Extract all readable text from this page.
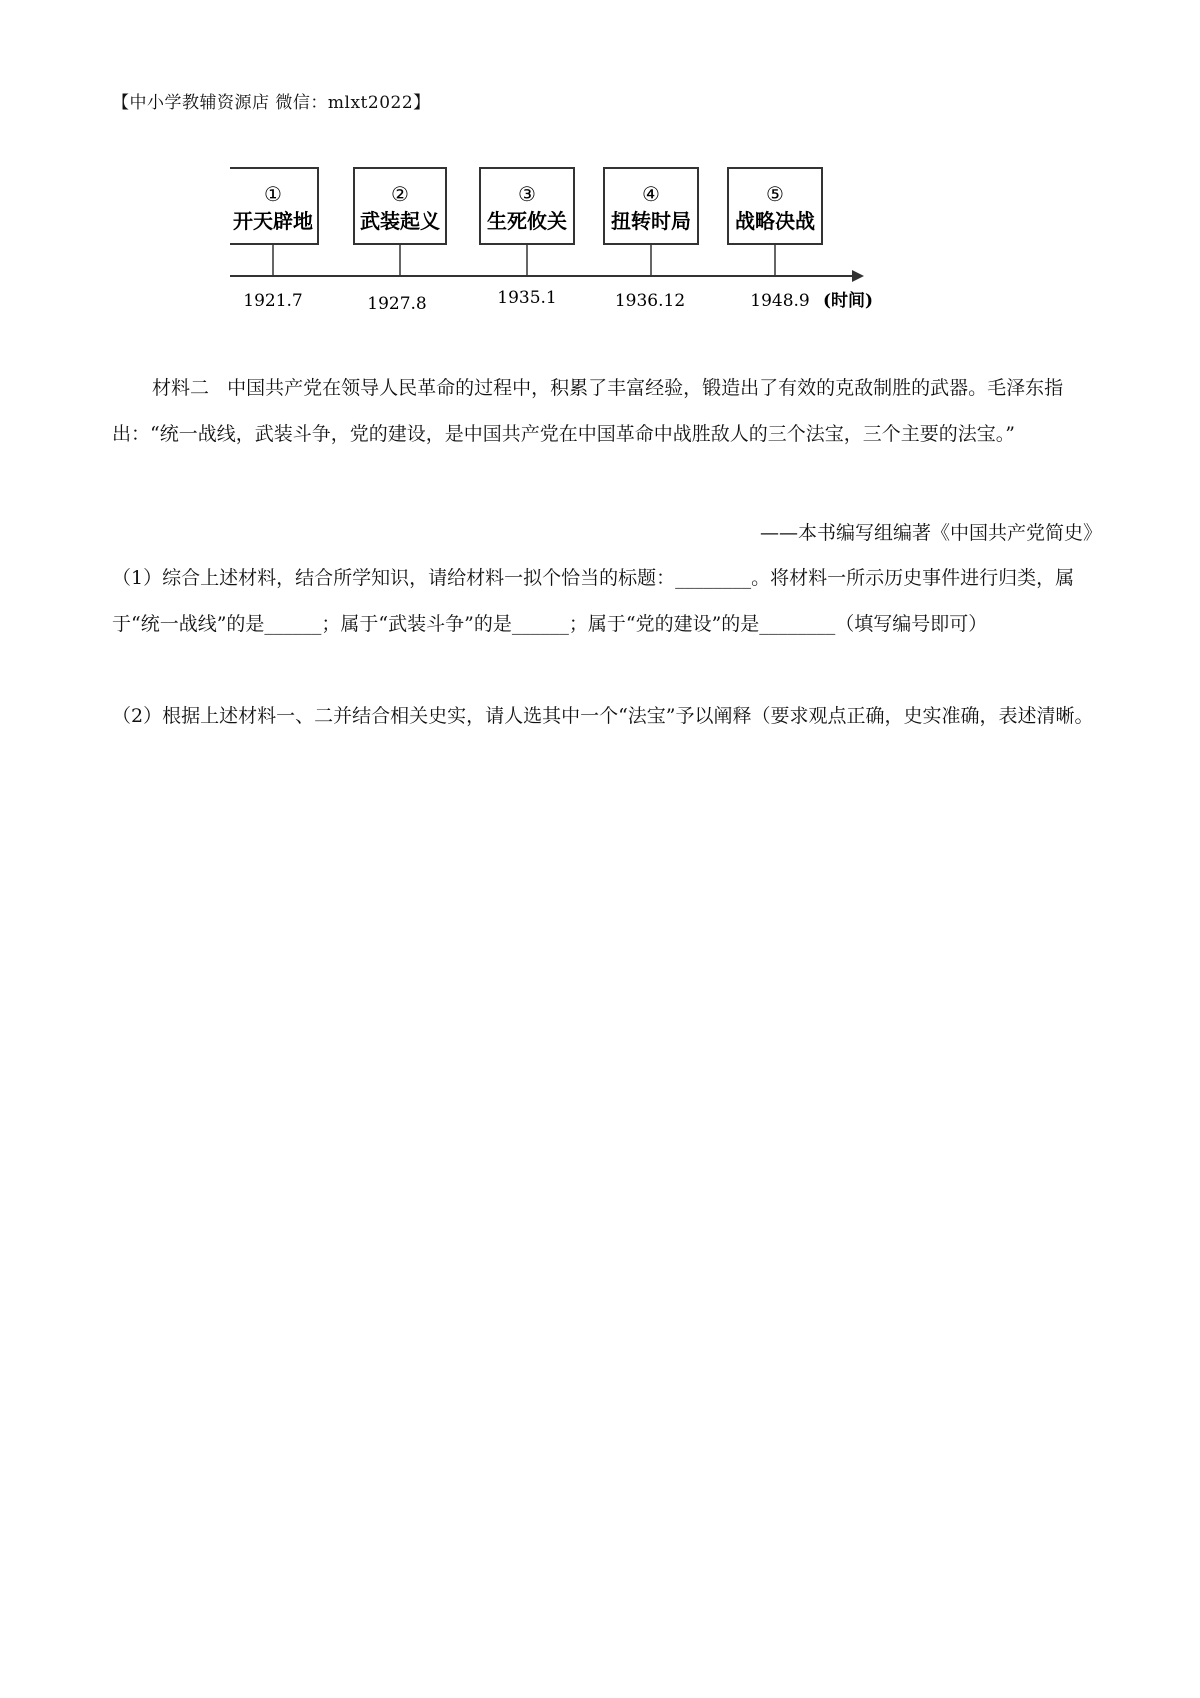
【中小学教辅资源店 微信：mlxt2022】
①
开天辟地
1921.7
②
武装起义
1927.8
③
生死攸关
1935.1
④
扭转时局
1936.12
⑤
战略决战
1948.9 (时间)
材料二 中国共产党在领导人民革命的过程中，积累了丰富经验，锻造出了有效的克敌制胜的武器。毛泽东指出：“统一战线，武装斗争，党的建设，是中国共产党在中国革命中战胜敌人的三个法宝，三个主要的法宝。”
——本书编写组编著《中国共产党简史》
（1）综合上述材料，结合所学知识，请给材料一拟个恰当的标题：________。将材料一所示历史事件进行归类，属于“统一战线”的是______；属于“武装斗争”的是______；属于“党的建设”的是________（填写编号即可）
（2）根据上述材料一、二并结合相关史实，请人选其中一个“法宝”予以阐释（要求观点正确，史实准确，表述清晰。
